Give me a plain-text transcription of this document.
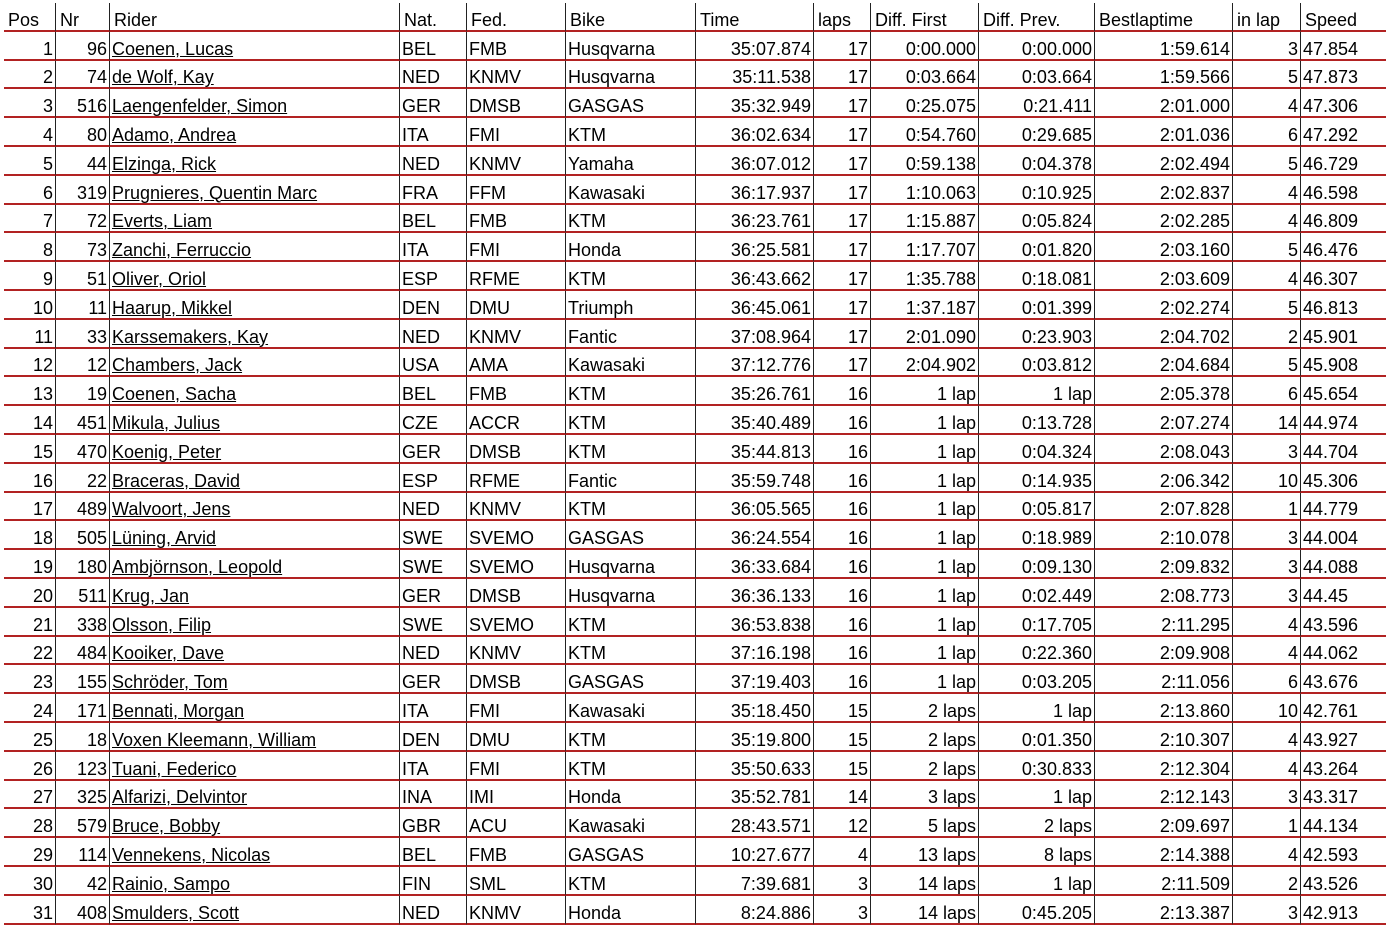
Pos	Nr	Rider	Nat.	Fed.	Bike	Time	laps	Diff. First	Diff. Prev.	Bestlaptime	in lap	Speed
1	96	Coenen, Lucas	BEL	FMB	Husqvarna	35:07.874	17	0:00.000	0:00.000	1:59.614	3	47.854
2	74	de Wolf, Kay	NED	KNMV	Husqvarna	35:11.538	17	0:03.664	0:03.664	1:59.566	5	47.873
3	516	Laengenfelder, Simon	GER	DMSB	GASGAS	35:32.949	17	0:25.075	0:21.411	2:01.000	4	47.306
4	80	Adamo, Andrea	ITA	FMI	KTM	36:02.634	17	0:54.760	0:29.685	2:01.036	6	47.292
5	44	Elzinga, Rick	NED	KNMV	Yamaha	36:07.012	17	0:59.138	0:04.378	2:02.494	5	46.729
6	319	Prugnieres, Quentin Marc	FRA	FFM	Kawasaki	36:17.937	17	1:10.063	0:10.925	2:02.837	4	46.598
7	72	Everts, Liam	BEL	FMB	KTM	36:23.761	17	1:15.887	0:05.824	2:02.285	4	46.809
8	73	Zanchi, Ferruccio	ITA	FMI	Honda	36:25.581	17	1:17.707	0:01.820	2:03.160	5	46.476
9	51	Oliver, Oriol	ESP	RFME	KTM	36:43.662	17	1:35.788	0:18.081	2:03.609	4	46.307
10	11	Haarup, Mikkel	DEN	DMU	Triumph	36:45.061	17	1:37.187	0:01.399	2:02.274	5	46.813
11	33	Karssemakers, Kay	NED	KNMV	Fantic	37:08.964	17	2:01.090	0:23.903	2:04.702	2	45.901
12	12	Chambers, Jack	USA	AMA	Kawasaki	37:12.776	17	2:04.902	0:03.812	2:04.684	5	45.908
13	19	Coenen, Sacha	BEL	FMB	KTM	35:26.761	16	1 lap	1 lap	2:05.378	6	45.654
14	451	Mikula, Julius	CZE	ACCR	KTM	35:40.489	16	1 lap	0:13.728	2:07.274	14	44.974
15	470	Koenig, Peter	GER	DMSB	KTM	35:44.813	16	1 lap	0:04.324	2:08.043	3	44.704
16	22	Braceras, David	ESP	RFME	Fantic	35:59.748	16	1 lap	0:14.935	2:06.342	10	45.306
17	489	Walvoort, Jens	NED	KNMV	KTM	36:05.565	16	1 lap	0:05.817	2:07.828	1	44.779
18	505	Lüning, Arvid	SWE	SVEMO	GASGAS	36:24.554	16	1 lap	0:18.989	2:10.078	3	44.004
19	180	Ambjörnson, Leopold	SWE	SVEMO	Husqvarna	36:33.684	16	1 lap	0:09.130	2:09.832	3	44.088
20	511	Krug, Jan	GER	DMSB	Husqvarna	36:36.133	16	1 lap	0:02.449	2:08.773	3	44.45
21	338	Olsson, Filip	SWE	SVEMO	KTM	36:53.838	16	1 lap	0:17.705	2:11.295	4	43.596
22	484	Kooiker, Dave	NED	KNMV	KTM	37:16.198	16	1 lap	0:22.360	2:09.908	4	44.062
23	155	Schröder, Tom	GER	DMSB	GASGAS	37:19.403	16	1 lap	0:03.205	2:11.056	6	43.676
24	171	Bennati, Morgan	ITA	FMI	Kawasaki	35:18.450	15	2 laps	1 lap	2:13.860	10	42.761
25	18	Voxen Kleemann, William	DEN	DMU	KTM	35:19.800	15	2 laps	0:01.350	2:10.307	4	43.927
26	123	Tuani, Federico	ITA	FMI	KTM	35:50.633	15	2 laps	0:30.833	2:12.304	4	43.264
27	325	Alfarizi, Delvintor	INA	IMI	Honda	35:52.781	14	3 laps	1 lap	2:12.143	3	43.317
28	579	Bruce, Bobby	GBR	ACU	Kawasaki	28:43.571	12	5 laps	2 laps	2:09.697	1	44.134
29	114	Vennekens, Nicolas	BEL	FMB	GASGAS	10:27.677	4	13 laps	8 laps	2:14.388	4	42.593
30	42	Rainio, Sampo	FIN	SML	KTM	7:39.681	3	14 laps	1 lap	2:11.509	2	43.526
31	408	Smulders, Scott	NED	KNMV	Honda	8:24.886	3	14 laps	0:45.205	2:13.387	3	42.913
